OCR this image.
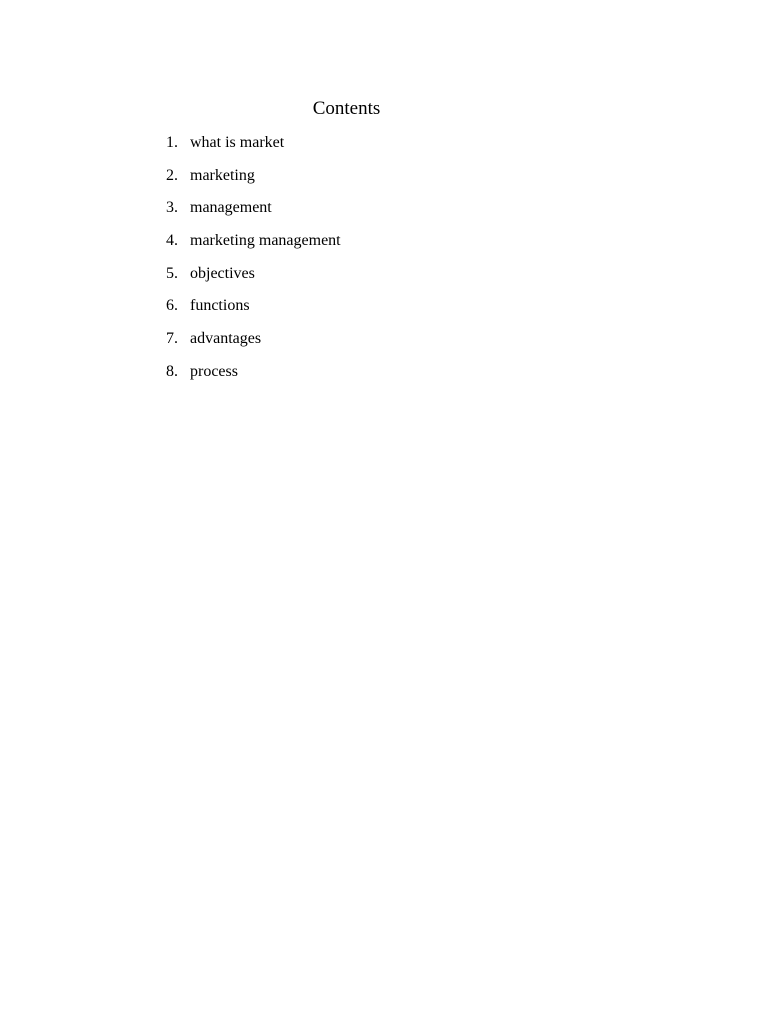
Contents
1. what is market
2. marketing
3. management
4. marketing management
5. objectives
6. functions
7. advantages
8. process
